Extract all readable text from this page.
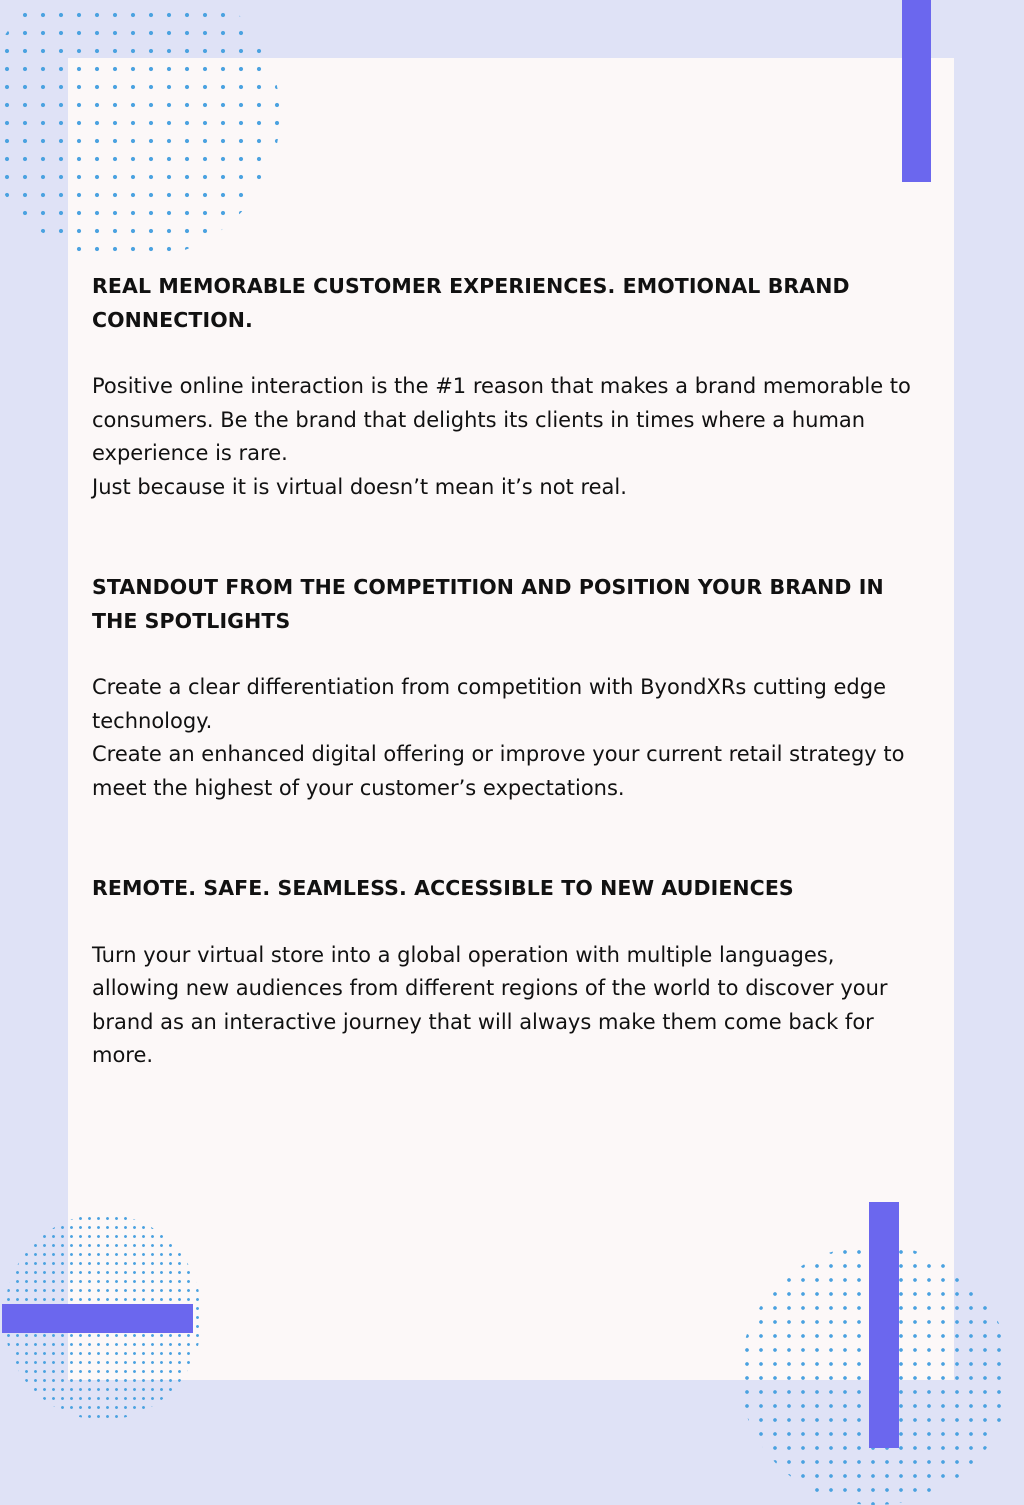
REAL MEMORABLE CUSTOMER EXPERIENCES. EMOTIONAL BRAND CONNECTION.

Positive online interaction is the #1 reason that makes a brand memorable to consumers. Be the brand that delights its clients in times where a human experience is rare.
Just because it is virtual doesn’t mean it’s not real.

STANDOUT FROM THE COMPETITION AND POSITION YOUR BRAND IN THE SPOTLIGHTS

Create a clear differentiation from competition with ByondXRs cutting edge technology.
Create an enhanced digital offering or improve your current retail strategy to meet the highest of your customer’s expectations.

REMOTE. SAFE. SEAMLESS. ACCESSIBLE TO NEW AUDIENCES

Turn your virtual store into a global operation with multiple languages, allowing new audiences from different regions of the world to discover your brand as an interactive journey that will always make them come back for more.
